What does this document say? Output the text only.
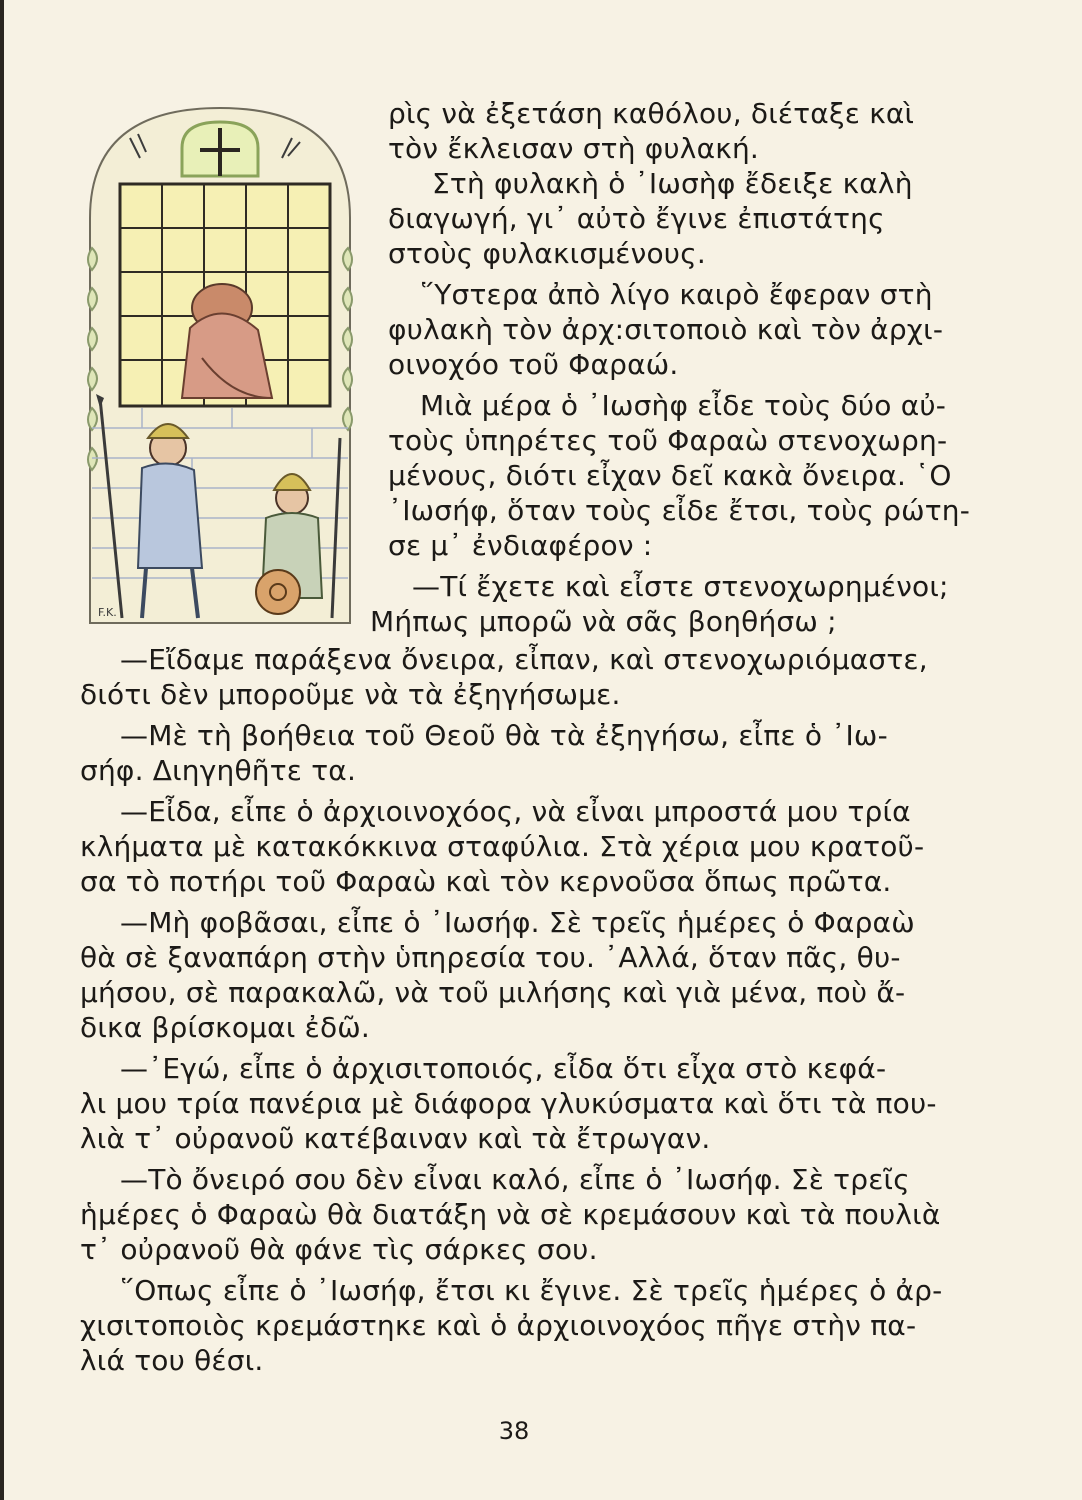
F.K.
ρὶς νὰ ἐξετάση καθόλου, διέταξε καὶ
τὸν ἔκλεισαν στὴ φυλακή.
Στὴ φυλακὴ ὁ ᾿Ιωσὴφ ἔδειξε καλὴ
διαγωγή, γι᾿ αὐτὸ ἔγινε ἐπιστάτης
στοὺς φυλακισμένους.
῞Υστερα ἀπὸ λίγο καιρὸ ἔφεραν στὴ
φυλακὴ τὸν ἀρχ:σιτοποιὸ καὶ τὸν ἀρχι-
οινοχόο τοῦ Φαραώ.
Μιὰ μέρα ὁ ᾿Ιωσὴφ εἶδε τοὺς δύο αὐ-
τοὺς ὑπηρέτες τοῦ Φαραὼ στενοχωρη-
μένους, διότι εἶχαν δεῖ κακὰ ὄνειρα. ῾Ο
᾿Ιωσήφ, ὅταν τοὺς εἶδε ἔτσι, τοὺς ρώτη-
σε μ᾿ ἐνδιαφέρον :
—Τί ἔχετε καὶ εἶστε στενοχωρημένοι;
Μήπως μπορῶ νὰ σᾶς βοηθήσω ;
—Εἴδαμε παράξενα ὄνειρα, εἶπαν, καὶ στενοχωριόμαστε,
διότι δὲν μποροῦμε νὰ τὰ ἐξηγήσωμε.
—Μὲ τὴ βοήθεια τοῦ Θεοῦ θὰ τὰ ἐξηγήσω, εἶπε ὁ ᾿Ιω-
σήφ. Διηγηθῆτε τα.
—Εἶδα, εἶπε ὁ ἀρχιοινοχόος, νὰ εἶναι μπροστά μου τρία
κλήματα μὲ κατακόκκινα σταφύλια. Στὰ χέρια μου κρατοῦ-
σα τὸ ποτήρι τοῦ Φαραὼ καὶ τὸν κερνοῦσα ὅπως πρῶτα.
—Μὴ φοβᾶσαι, εἶπε ὁ ᾿Ιωσήφ. Σὲ τρεῖς ἡμέρες ὁ Φαραὼ
θὰ σὲ ξαναπάρη στὴν ὑπηρεσία του. ᾿Αλλά, ὅταν πᾶς, θυ-
μήσου, σὲ παρακαλῶ, νὰ τοῦ μιλήσης καὶ γιὰ μένα, ποὺ ἄ-
δικα βρίσκομαι ἐδῶ.
—᾿Εγώ, εἶπε ὁ ἀρχισιτοποιός, εἶδα ὅτι εἶχα στὸ κεφά-
λι μου τρία πανέρια μὲ διάφορα γλυκύσματα καὶ ὅτι τὰ που-
λιὰ τ᾿ οὐρανοῦ κατέβαιναν καὶ τὰ ἔτρωγαν.
—Τὸ ὄνειρό σου δὲν εἶναι καλό, εἶπε ὁ ᾿Ιωσήφ. Σὲ τρεῖς
ἡμέρες ὁ Φαραὼ θὰ διατάξη νὰ σὲ κρεμάσουν καὶ τὰ πουλιὰ
τ᾿ οὐρανοῦ θὰ φάνε τὶς σάρκες σου.
῞Οπως εἶπε ὁ ᾿Ιωσήφ, ἔτσι κι ἔγινε. Σὲ τρεῖς ἡμέρες ὁ ἀρ-
χισιτοποιὸς κρεμάστηκε καὶ ὁ ἀρχιοινοχόος πῆγε στὴν πα-
λιά του θέσι.
38
